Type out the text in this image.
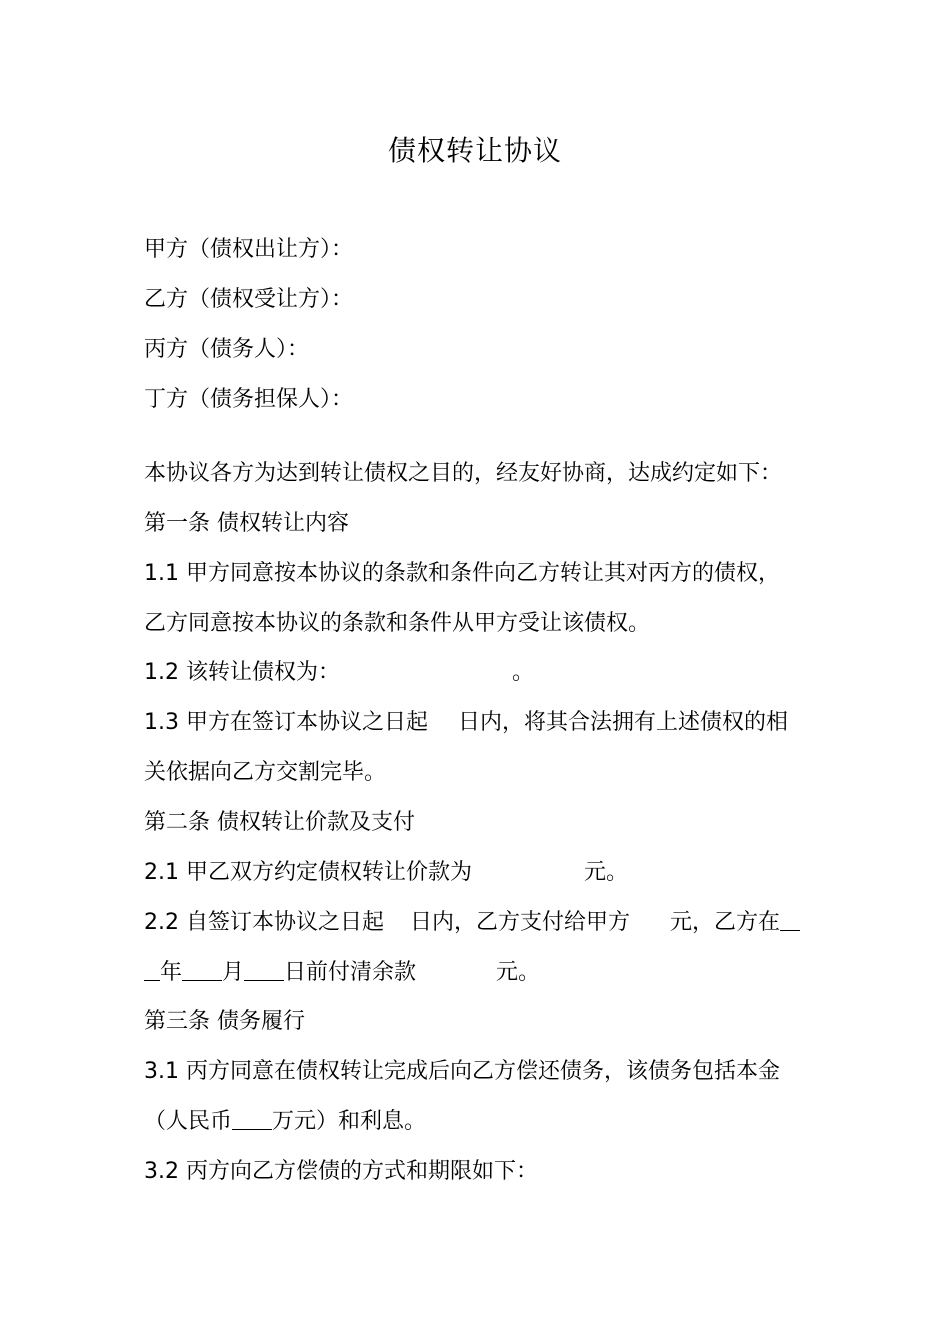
债权转让协议
甲方（债权出让方）：
乙方（债权受让方）：
丙方（债务人）：
丁方（债务担保人）：
本协议各方为达到转让债权之目的，经友好协商，达成约定如下：
第一条 债权转让内容
1.1 甲方同意按本协议的条款和条件向乙方转让其对丙方的债权，
乙方同意按本协议的条款和条件从甲方受让该债权。
1.2 该转让债权为：	。
1.3 甲方在签订本协议之日起 日内，将其合法拥有上述债权的相
关依据向乙方交割完毕。
第二条 债权转让价款及支付
2.1 甲乙双方约定债权转让价款为	元。
2.2 自签订本协议之日起 日内，乙方支付给甲方 元，乙方在
年 月 日前付清余款	元。
第三条 债务履行
3.1 丙方同意在债权转让完成后向乙方偿还债务，该债务包括本金
（人民币 万元）和利息。
3.2 丙方向乙方偿债的方式和期限如下：
